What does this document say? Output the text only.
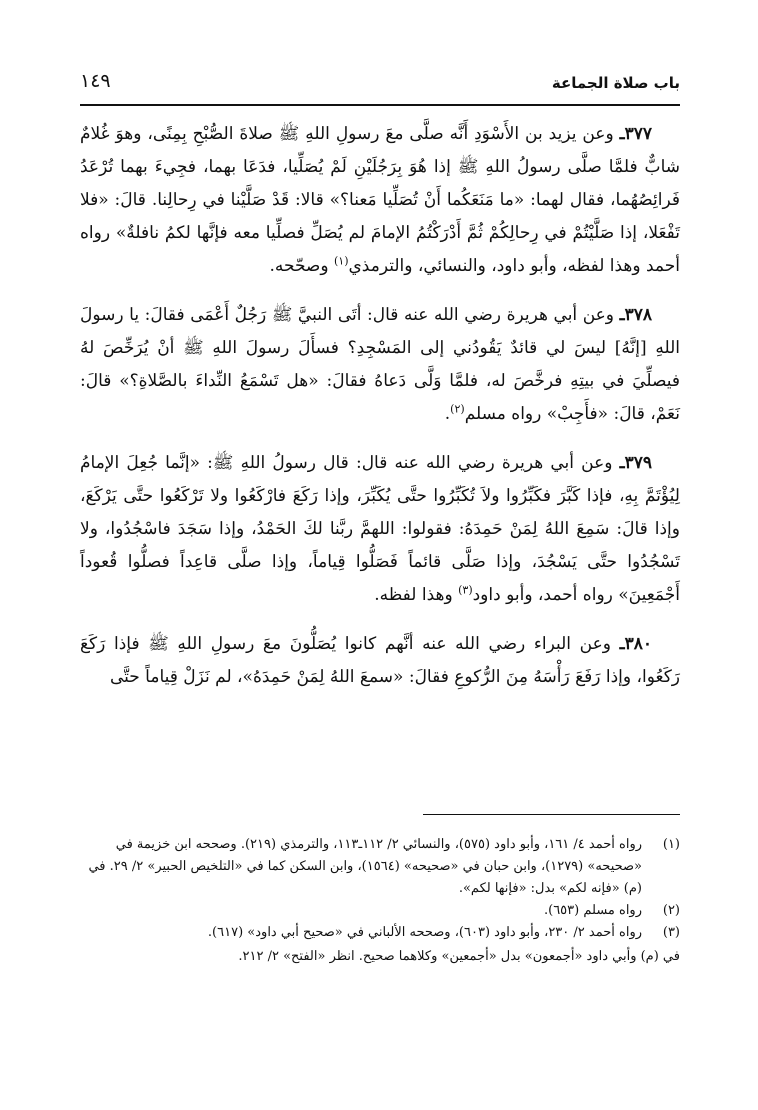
باب صلاة الجماعة
١٤٩

٣٧٧ـ وعن يزيد بن الأَسْوَدِ أَنَّه صلَّى معَ رسولِ اللهِ ﷺ صلاةَ الصُّبْحِ بِمِنًى، وهوَ غُلامٌ شابٌّ فلمَّا صلَّى رسولُ اللهِ ﷺ إذا هُوَ بِرَجُلَيْنِ لَمْ يُصَلِّيا، فدَعَا بهما، فجِيءَ بهما تُرْعَدُ فَرائِصُهُما، فقال لهما: «ما مَنَعَكُما أَنْ تُصَلِّيا مَعنا؟» قالا: قَدْ صَلَّيْنا في رِحالِنا. قالَ: «فلا تَفْعَلا، إذا صَلَّيْتُمْ في رِحالِكُمْ ثُمَّ أَدْرَكْتُمُ الإمامَ لم يُصَلِّ فصلِّيا معه فإنَّها لكمُ نافلةٌ» رواه أحمد وهذا لفظه، وأبو داود، والنسائي، والترمذي$^{(١)}$ وصحّحه.

٣٧٨ـ وعن أبي هريرة رضي الله عنه قال: أتَى النبيَّ ﷺ رَجُلٌ أَعْمَى فقالَ: يا رسولَ اللهِ [إنَّهُ] ليسَ لي قائدٌ يَقُودُني إلى المَسْجِدِ؟ فسأَلَ رسولَ اللهِ ﷺ أنْ يُرَخِّصَ لهُ فيصلِّيَ في بيتِهِ فرخَّصَ له، فلمَّا وَلَّى دَعاهُ فقالَ: «هل تَسْمَعُ النِّداءَ بالصَّلاةِ؟» قالَ: نَعَمْ، قالَ: «فأَجِبْ» رواه مسلم$^{(٢)}$.

٣٧٩ـ وعن أبي هريرة رضي الله عنه قال: قال رسولُ اللهِ ﷺ: «إنَّما جُعِلَ الإمامُ لِيُؤْتَمَّ بِهِ، فإذا كَبَّرَ فكَبِّرُوا ولاَ تُكَبِّرُوا حتَّى يُكَبِّرَ، وإذا رَكَعَ فارْكَعُوا ولا تَرْكَعُوا حتَّى يَرْكَعَ، وإذا قالَ: سَمِعَ اللهُ لِمَنْ حَمِدَهُ: فقولوا: اللهمَّ ربَّنا لكَ الحَمْدُ، وإذا سَجَدَ فاسْجُدُوا، ولا تَسْجُدُوا حتَّى يَسْجُدَ، وإذا صَلَّى قائماً فَصَلُّوا قِياماً، وإذا صلَّى قاعِداً فصلُّوا قُعوداً أَجْمَعِينَ» رواه أحمد، وأبو داود$^{(٣)}$ وهذا لفظه.

٣٨٠ـ وعن البراء رضي الله عنه أنَّهم كانوا يُصَلُّونَ معَ رسولِ اللهِ ﷺ فإذا رَكَعَ رَكَعُوا، وإذا رَفَعَ رَأْسَهُ مِنَ الرُّكوعِ فقالَ: «سمعَ اللهُ لِمَنْ حَمِدَهُ»، لم نَزَلْ قِياماً حتَّى

(١)
رواه أحمد ٤/ ١٦١، وأبو داود (٥٧٥)، والنسائي ٢/ ١١٢ـ١١٣، والترمذي (٢١٩). وصححه ابن خزيمة في «صحيحه» (١٢٧٩)، وابن حبان في «صحيحه» (١٥٦٤)، وابن السكن كما في «التلخيص الحبير» ٢/ ٢٩. في (م) «فإنه لكم» بدل: «فإنها لكم».
(٢)
رواه مسلم (٦٥٣).
(٣)
رواه أحمد ٢/ ٢٣٠، وأبو داود (٦٠٣)، وصححه الألباني في «صحيح أبي داود» (٦١٧).

في (م) وأبي داود «أجمعون» بدل «أجمعين» وكلاهما صحيح. انظر «الفتح» ٢/ ٢١٢.
